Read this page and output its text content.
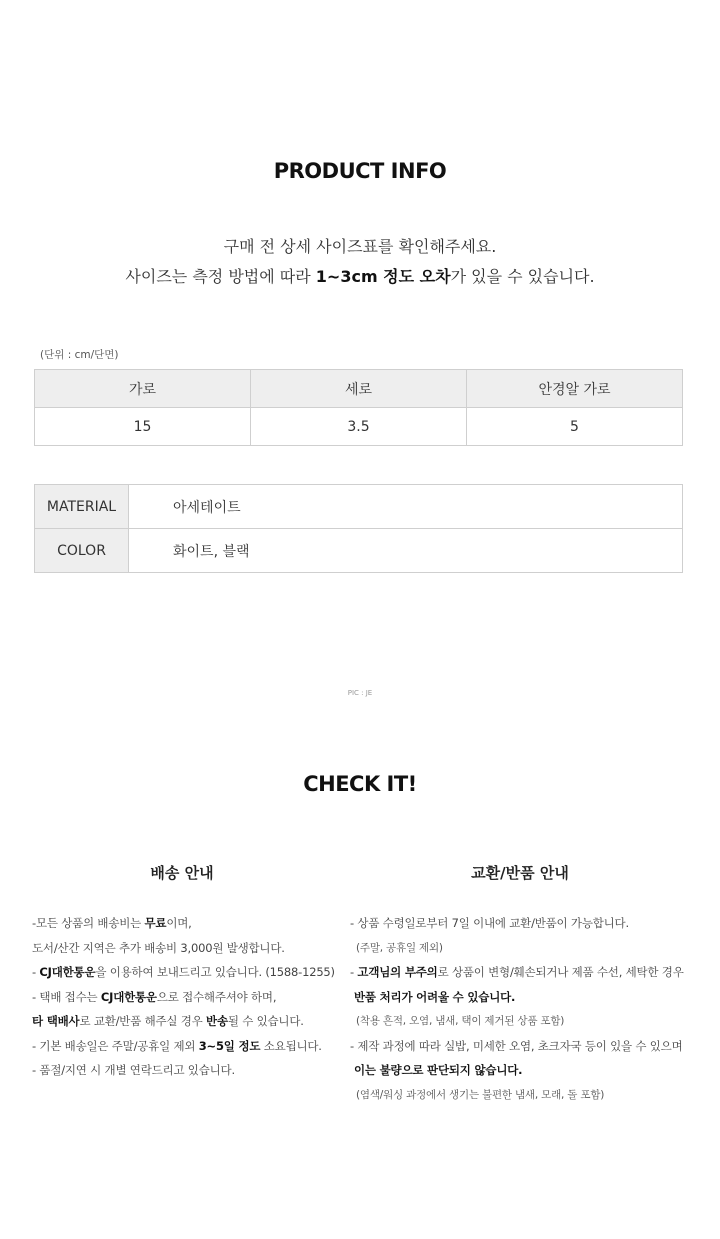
PRODUCT INFO
구매 전 상세 사이즈표를 확인해주세요.
사이즈는 측정 방법에 따라 1~3cm 정도 오차가 있을 수 있습니다.
(단위 : cm/단면)
가로	세로	안경알 가로
15	3.5	5
MATERIAL	아세테이트
COLOR	화이트, 블랙
PIC : JE
CHECK IT!
배송 안내	교환/반품 안내
-모든 상품의 배송비는 무료이며,
도서/산간 지역은 추가 배송비 3,000원 발생합니다.
- CJ대한통운을 이용하여 보내드리고 있습니다. (1588-1255)
- 택배 접수는 CJ대한통운으로 접수해주셔야 하며,
타 택배사로 교환/반품 해주실 경우 반송될 수 있습니다.
- 기본 배송일은 주말/공휴일 제외 3~5일 정도 소요됩니다.
- 품절/지연 시 개별 연락드리고 있습니다.
- 상품 수령일로부터 7일 이내에 교환/반품이 가능합니다.
(주말, 공휴일 제외)
- 고객님의 부주의로 상품이 변형/훼손되거나 제품 수선, 세탁한 경우
반품 처리가 어려울 수 있습니다.
(착용 흔적, 오염, 냄새, 택이 제거된 상품 포함)
- 제작 과정에 따라 실밥, 미세한 오염, 초크자국 등이 있을 수 있으며
이는 불량으로 판단되지 않습니다.
(염색/워싱 과정에서 생기는 불편한 냄새, 모래, 돌 포함)
